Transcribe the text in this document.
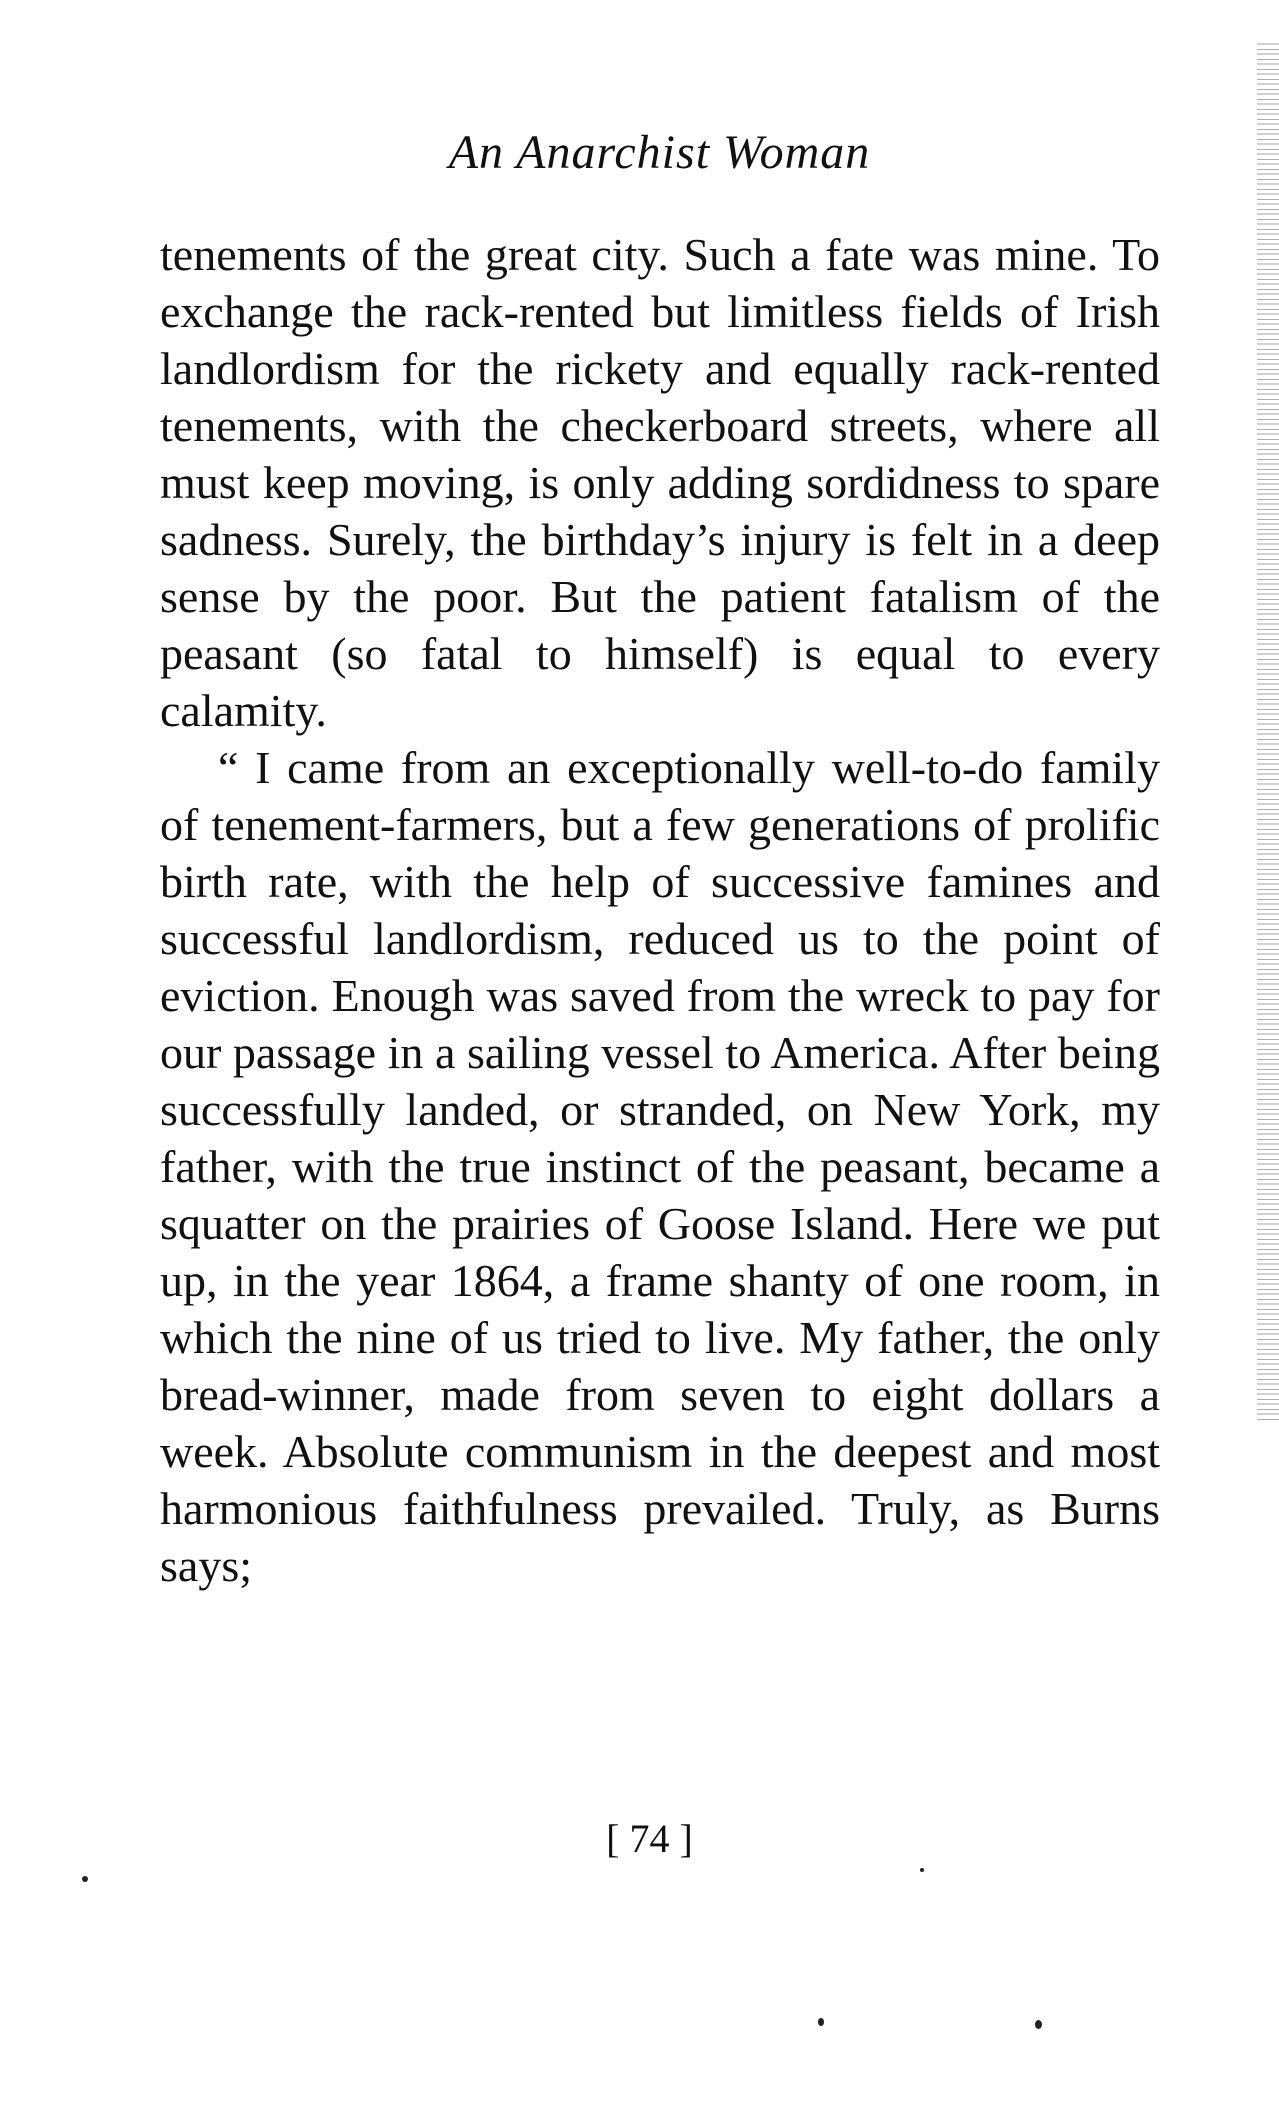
An Anarchist Woman

tenements of the great city. Such a fate was mine. To exchange the rack-rented but limitless fields of Irish landlordism for the rickety and equally rack-rented tenements, with the checkerboard streets, where all must keep moving, is only adding sordidness to spare sadness. Surely, the birthday’s injury is felt in a deep sense by the poor. But the patient fatalism of the peasant (so fatal to himself) is equal to every calamity.

“ I came from an exceptionally well-to-do family of tenement-farmers, but a few generations of prolific birth rate, with the help of successive famines and successful landlordism, reduced us to the point of eviction. Enough was saved from the wreck to pay for our passage in a sailing vessel to America. After being successfully landed, or stranded, on New York, my father, with the true instinct of the peasant, became a squatter on the prairies of Goose Island. Here we put up, in the year 1864, a frame shanty of one room, in which the nine of us tried to live. My father, the only bread-winner, made from seven to eight dollars a week. Absolute communism in the deepest and most harmonious faithfulness prevailed. Truly, as Burns says;

[ 74 ]
